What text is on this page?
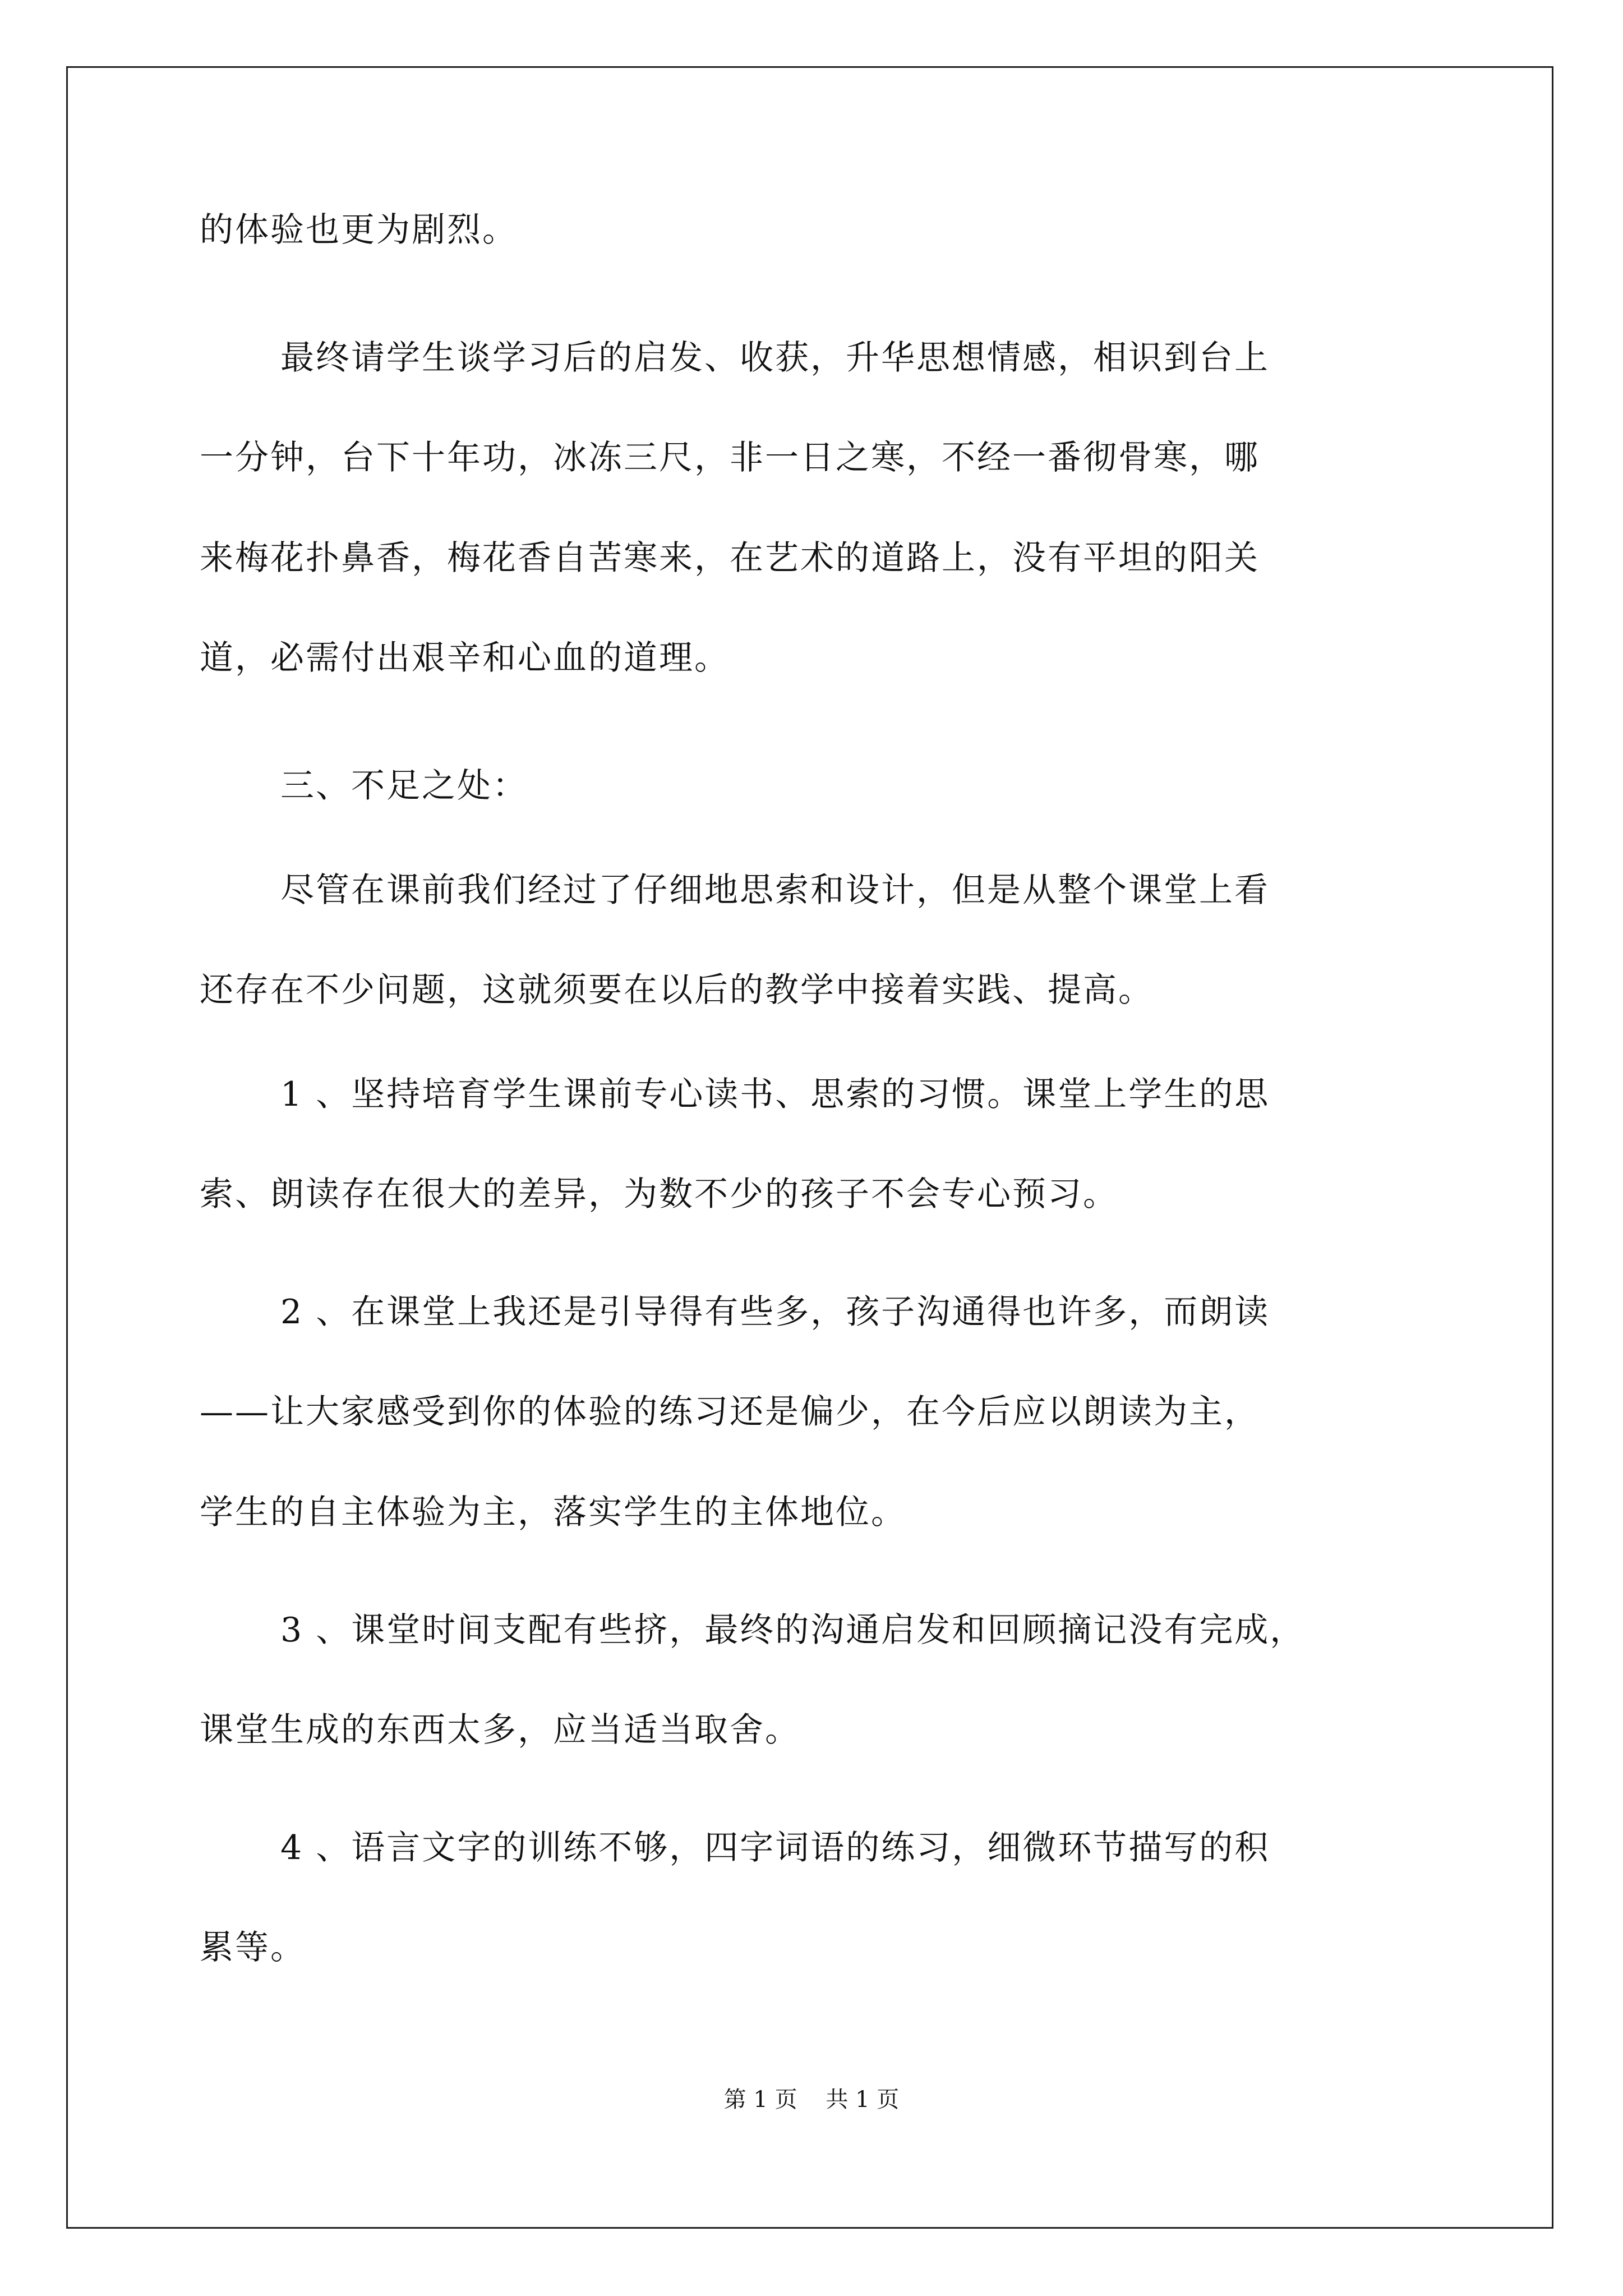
的体验也更为剧烈。
最终请学生谈学习后的启发、收获，升华思想情感，相识到台上
一分钟，台下十年功，冰冻三尺，非一日之寒，不经一番彻骨寒，哪
来梅花扑鼻香，梅花香自苦寒来，在艺术的道路上，没有平坦的阳关
道，必需付出艰辛和心血的道理。
三、不足之处：
尽管在课前我们经过了仔细地思索和设计，但是从整个课堂上看
还存在不少问题，这就须要在以后的教学中接着实践、提高。
1 、坚持培育学生课前专心读书、思索的习惯。课堂上学生的思
索、朗读存在很大的差异，为数不少的孩子不会专心预习。
2 、在课堂上我还是引导得有些多，孩子沟通得也许多，而朗读
——让大家感受到你的体验的练习还是偏少，在今后应以朗读为主，
学生的自主体验为主，落实学生的主体地位。
3 、课堂时间支配有些挤，最终的沟通启发和回顾摘记没有完成，
课堂生成的东西太多，应当适当取舍。
4 、语言文字的训练不够，四字词语的练习，细微环节描写的积
累等。
第 1 页    共 1 页
